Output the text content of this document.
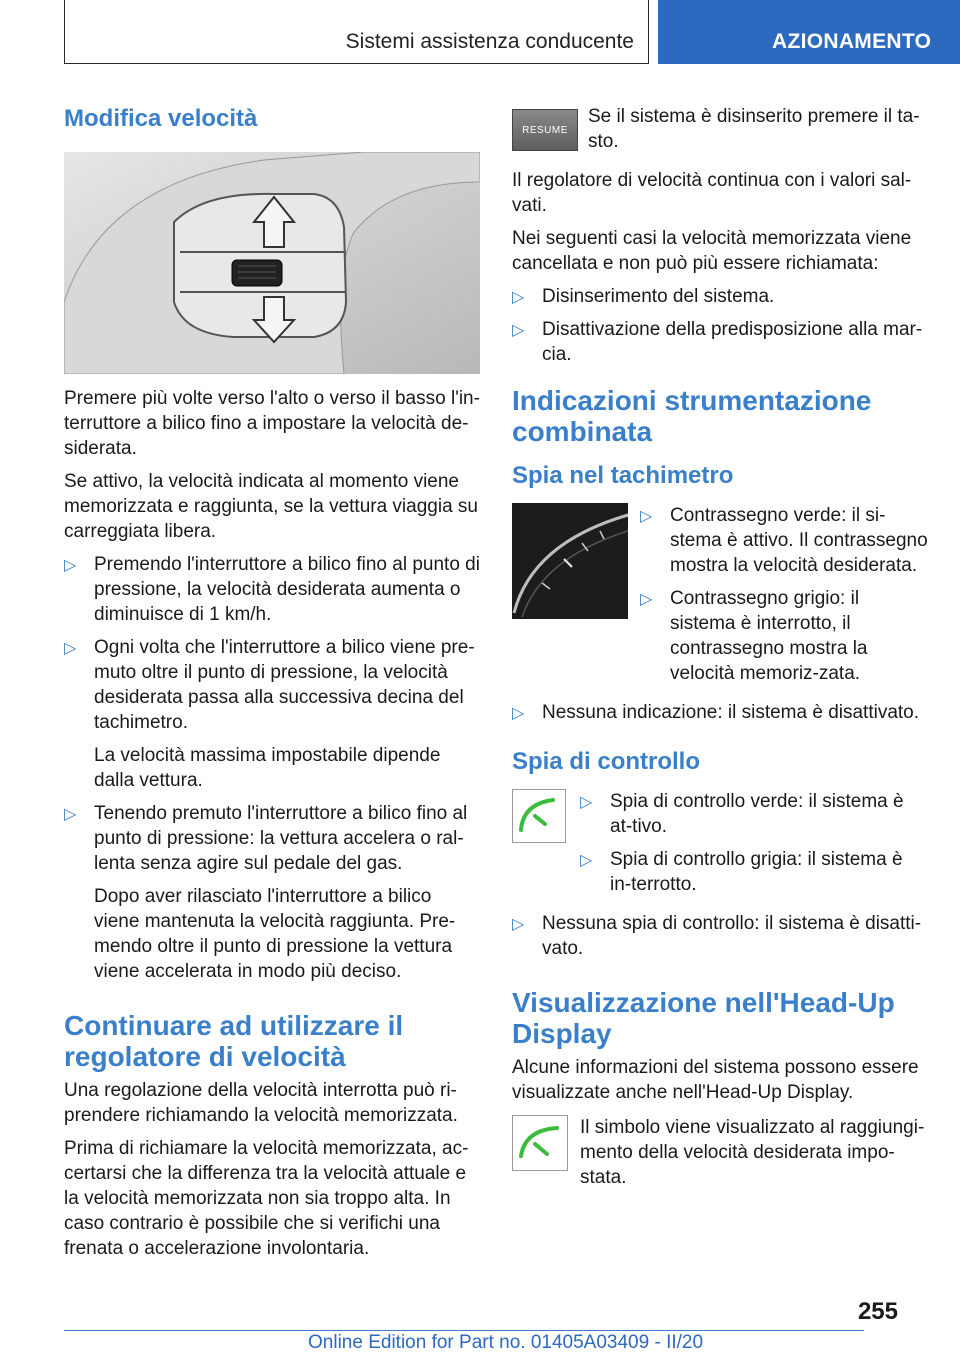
Sistemi assistenza conducente	AZIONAMENTO
Modifica velocità

Premere più volte verso l'alto o verso il basso l'in-terruttore a bilico fino a impostare la velocità de-siderata.

Se attivo, la velocità indicata al momento viene memorizzata e raggiunta, se la vettura viaggia su carreggiata libera.

▷ Premendo l'interruttore a bilico fino al punto di pressione, la velocità desiderata aumenta o diminuisce di 1 km/h.
▷ Ogni volta che l'interruttore a bilico viene pre-muto oltre il punto di pressione, la velocità desiderata passa alla successiva decina del tachimetro.
La velocità massima impostabile dipende dalla vettura.
▷ Tenendo premuto l'interruttore a bilico fino al punto di pressione: la vettura accelera o ral-lenta senza agire sul pedale del gas.
Dopo aver rilasciato l'interruttore a bilico viene mantenuta la velocità raggiunta. Pre-mendo oltre il punto di pressione la vettura viene accelerata in modo più deciso.
Continuare ad utilizzare il regolatore di velocità

Una regolazione della velocità interrotta può ri-prendere richiamando la velocità memorizzata.

Prima di richiamare la velocità memorizzata, ac-certarsi che la differenza tra la velocità attuale e la velocità memorizzata non sia troppo alta. In caso contrario è possibile che si verifichi una frenata o accelerazione involontaria.

RESUME
Se il sistema è disinserito premere il ta-sto.

Il regolatore di velocità continua con i valori sal-vati.

Nei seguenti casi la velocità memorizzata viene cancellata e non può più essere richiamata:

▷ Disinserimento del sistema.
▷ Disattivazione della predisposizione alla mar-cia.
Indicazioni strumentazione combinata
Spia nel tachimetro
▷ Contrassegno verde: il si-stema è attivo. Il contrassegno mostra la velocità desiderata.
▷ Contrassegno grigio: il sistema è interrotto, il contrassegno mostra la velocità memoriz-zata.
▷ Nessuna indicazione: il sistema è disattivato.
Spia di controllo
▷ Spia di controllo verde: il sistema è at-tivo.
▷ Spia di controllo grigia: il sistema è in-terrotto.
▷ Nessuna spia di controllo: il sistema è disatti-vato.
Visualizzazione nell'Head-Up Display

Alcune informazioni del sistema possono essere visualizzate anche nell'Head-Up Display.

Il simbolo viene visualizzato al raggiungi-mento della velocità desiderata impo-stata.
255
Online Edition for Part no. 01405A03409 - II/20
